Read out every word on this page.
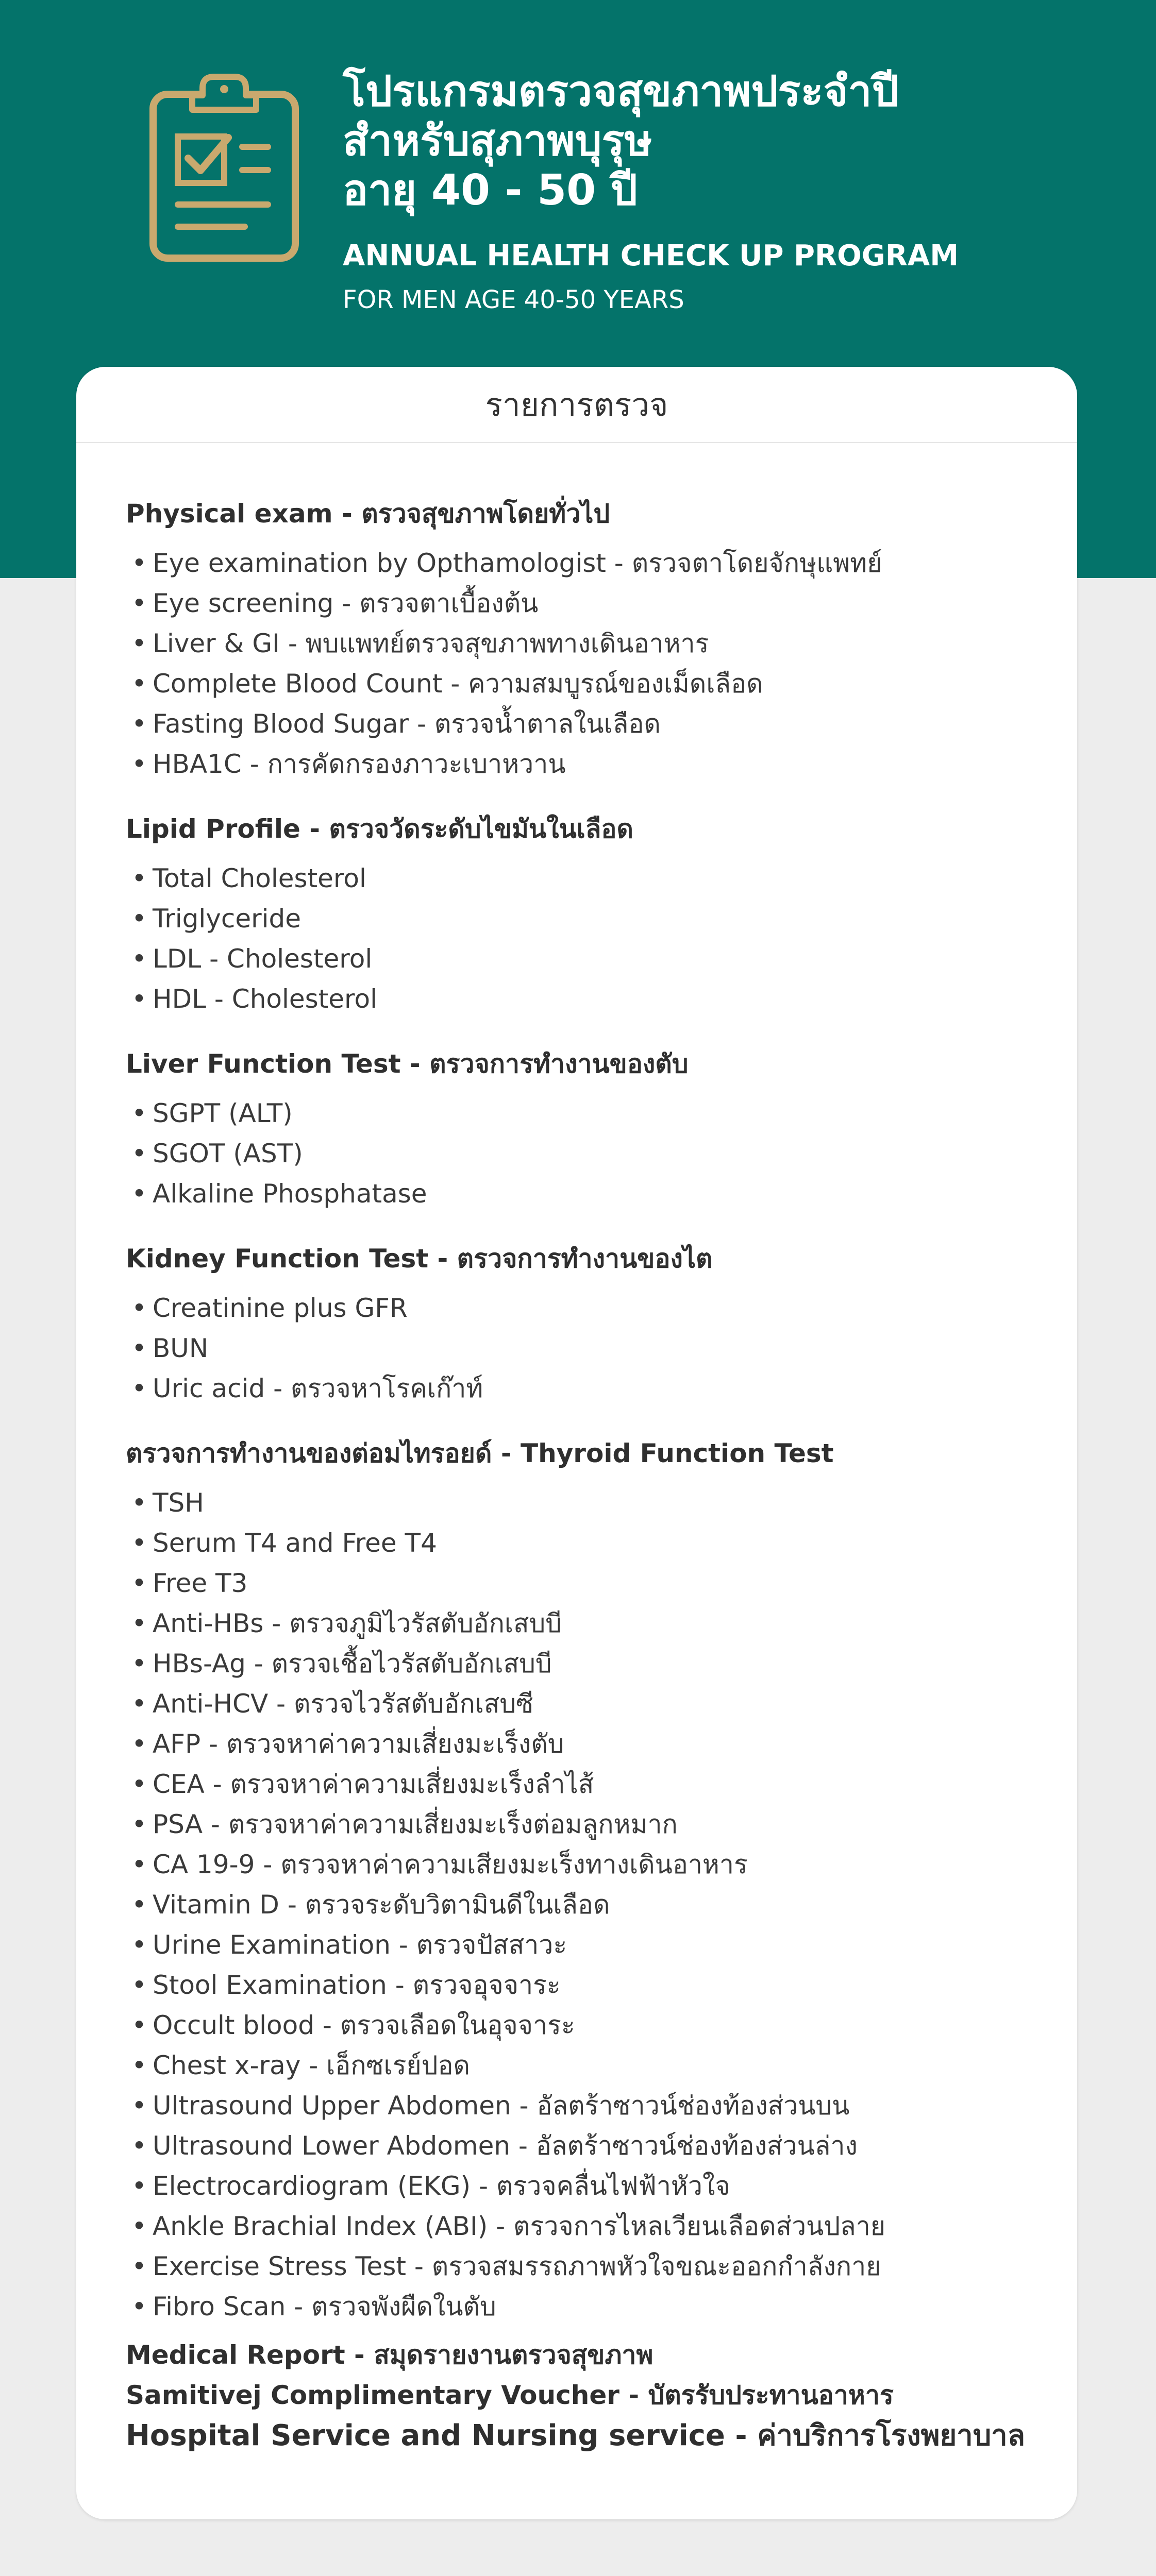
โปรแกรมตรวจสุขภาพประจำปี
สำหรับสุภาพบุรุษ
อายุ 40 - 50 ปี
ANNUAL HEALTH CHECK UP PROGRAM
FOR MEN AGE 40-50 YEARS
รายการตรวจ
Physical exam - ตรวจสุขภาพโดยทั่วไป
• Eye examination by Opthamologist - ตรวจตาโดยจักษุแพทย์
• Eye screening - ตรวจตาเบื้องต้น
• Liver & GI - พบแพทย์ตรวจสุขภาพทางเดินอาหาร
• Complete Blood Count - ความสมบูรณ์ของเม็ดเลือด
• Fasting Blood Sugar - ตรวจน้ำตาลในเลือด
• HBA1C - การคัดกรองภาวะเบาหวาน
Lipid Profile - ตรวจวัดระดับไขมันในเลือด
• Total Cholesterol
• Triglyceride
• LDL - Cholesterol
• HDL - Cholesterol
Liver Function Test - ตรวจการทำงานของตับ
• SGPT (ALT)
• SGOT (AST)
• Alkaline Phosphatase
Kidney Function Test - ตรวจการทำงานของไต
• Creatinine plus GFR
• BUN
• Uric acid - ตรวจหาโรคเก๊าท์
ตรวจการทำงานของต่อมไทรอยด์ - Thyroid Function Test
• TSH
• Serum T4 and Free T4
• Free T3
• Anti-HBs - ตรวจภูมิไวรัสตับอักเสบบี
• HBs-Ag - ตรวจเชื้อไวรัสตับอักเสบบี
• Anti-HCV - ตรวจไวรัสตับอักเสบซี
• AFP - ตรวจหาค่าความเสี่ยงมะเร็งตับ
• CEA - ตรวจหาค่าความเสี่ยงมะเร็งลำไส้
• PSA - ตรวจหาค่าความเสี่ยงมะเร็งต่อมลูกหมาก
• CA 19-9 - ตรวจหาค่าความเสียงมะเร็งทางเดินอาหาร
• Vitamin D - ตรวจระดับวิตามินดีในเลือด
• Urine Examination - ตรวจปัสสาวะ
• Stool Examination - ตรวจอุจจาระ
• Occult blood - ตรวจเลือดในอุจจาระ
• Chest x-ray - เอ็กซเรย์ปอด
• Ultrasound Upper Abdomen - อัลตร้าซาวน์ช่องท้องส่วนบน
• Ultrasound Lower Abdomen - อัลตร้าซาวน์ช่องท้องส่วนล่าง
• Electrocardiogram (EKG) - ตรวจคลื่นไฟฟ้าหัวใจ
• Ankle Brachial Index (ABI) - ตรวจการไหลเวียนเลือดส่วนปลาย
• Exercise Stress Test - ตรวจสมรรถภาพหัวใจขณะออกกำลังกาย
• Fibro Scan - ตรวจพังผืดในตับ
Medical Report - สมุดรายงานตรวจสุขภาพ
Samitivej Complimentary Voucher - บัตรรับประทานอาหาร
Hospital Service and Nursing service - ค่าบริการโรงพยาบาล
